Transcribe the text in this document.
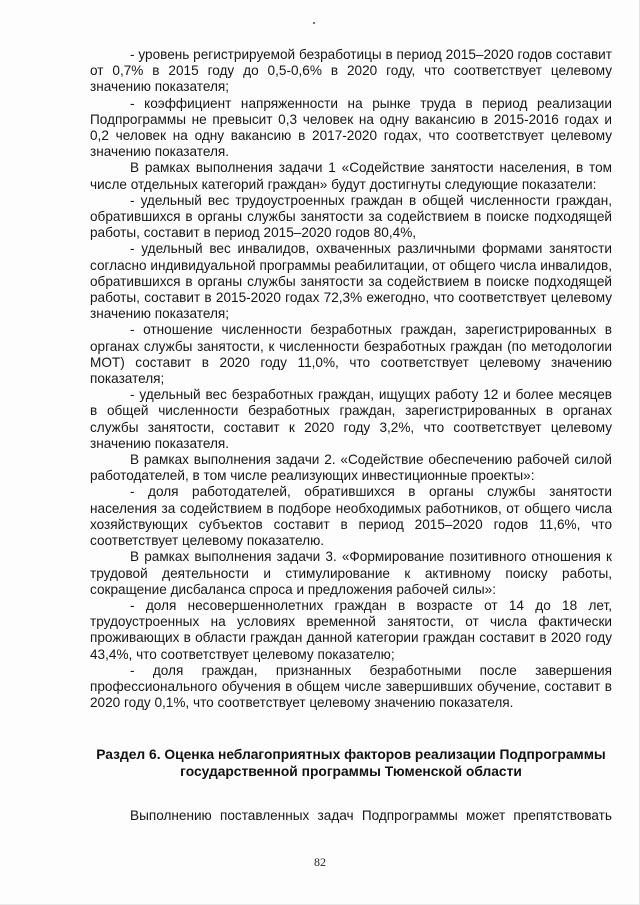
- уровень регистрируемой безработицы в период 2015–2020 годов составит от 0,7% в 2015 году до 0,5-0,6% в 2020 году, что соответствует целевому значению показателя;

- коэффициент напряженности на рынке труда в период реализации Подпрограммы не превысит 0,3 человек на одну вакансию в 2015-2016 годах и 0,2 человек на одну вакансию в 2017-2020 годах, что соответствует целевому значению показателя.

В рамках выполнения задачи 1 «Содействие занятости населения, в том числе отдельных категорий граждан» будут достигнуты следующие показатели:

- удельный вес трудоустроенных граждан в общей численности граждан, обратившихся в органы службы занятости за содействием в поиске подходящей работы, составит в период 2015–2020 годов 80,4%,

- удельный вес инвалидов, охваченных различными формами занятости согласно индивидуальной программы реабилитации, от общего числа инвалидов, обратившихся в органы службы занятости за содействием в поиске подходящей работы, составит в 2015-2020 годах 72,3% ежегодно, что соответствует целевому значению показателя;

- отношение численности безработных граждан, зарегистрированных в органах службы занятости, к численности безработных граждан (по методологии МОТ) составит в 2020 году 11,0%, что соответствует целевому значению показателя;

- удельный вес безработных граждан, ищущих работу 12 и более месяцев в общей численности безработных граждан, зарегистрированных в органах службы занятости, составит к 2020 году 3,2%, что соответствует целевому значению показателя.

В рамках выполнения задачи 2. «Содействие обеспечению рабочей силой работодателей, в том числе реализующих инвестиционные проекты»:

- доля работодателей, обратившихся в органы службы занятости населения за содействием в подборе необходимых работников, от общего числа хозяйствующих субъектов составит в период 2015–2020 годов 11,6%, что соответствует целевому показателю.

В рамках выполнения задачи 3. «Формирование позитивного отношения к трудовой деятельности и стимулирование к активному поиску работы, сокращение дисбаланса спроса и предложения рабочей силы»:

- доля несовершеннолетних граждан в возрасте от 14 до 18 лет, трудоустроенных на условиях временной занятости, от числа фактически проживающих в области граждан данной категории граждан составит в 2020 году 43,4%, что соответствует целевому показателю;

- доля граждан, признанных безработными после завершения профессионального обучения в общем числе завершивших обучение, составит в 2020 году 0,1%, что соответствует целевому значению показателя.

Раздел 6. Оценка неблагоприятных факторов реализации Подпрограммы
государственной программы Тюменской области

Выполнению поставленных задач Подпрограммы может препятствовать

82
